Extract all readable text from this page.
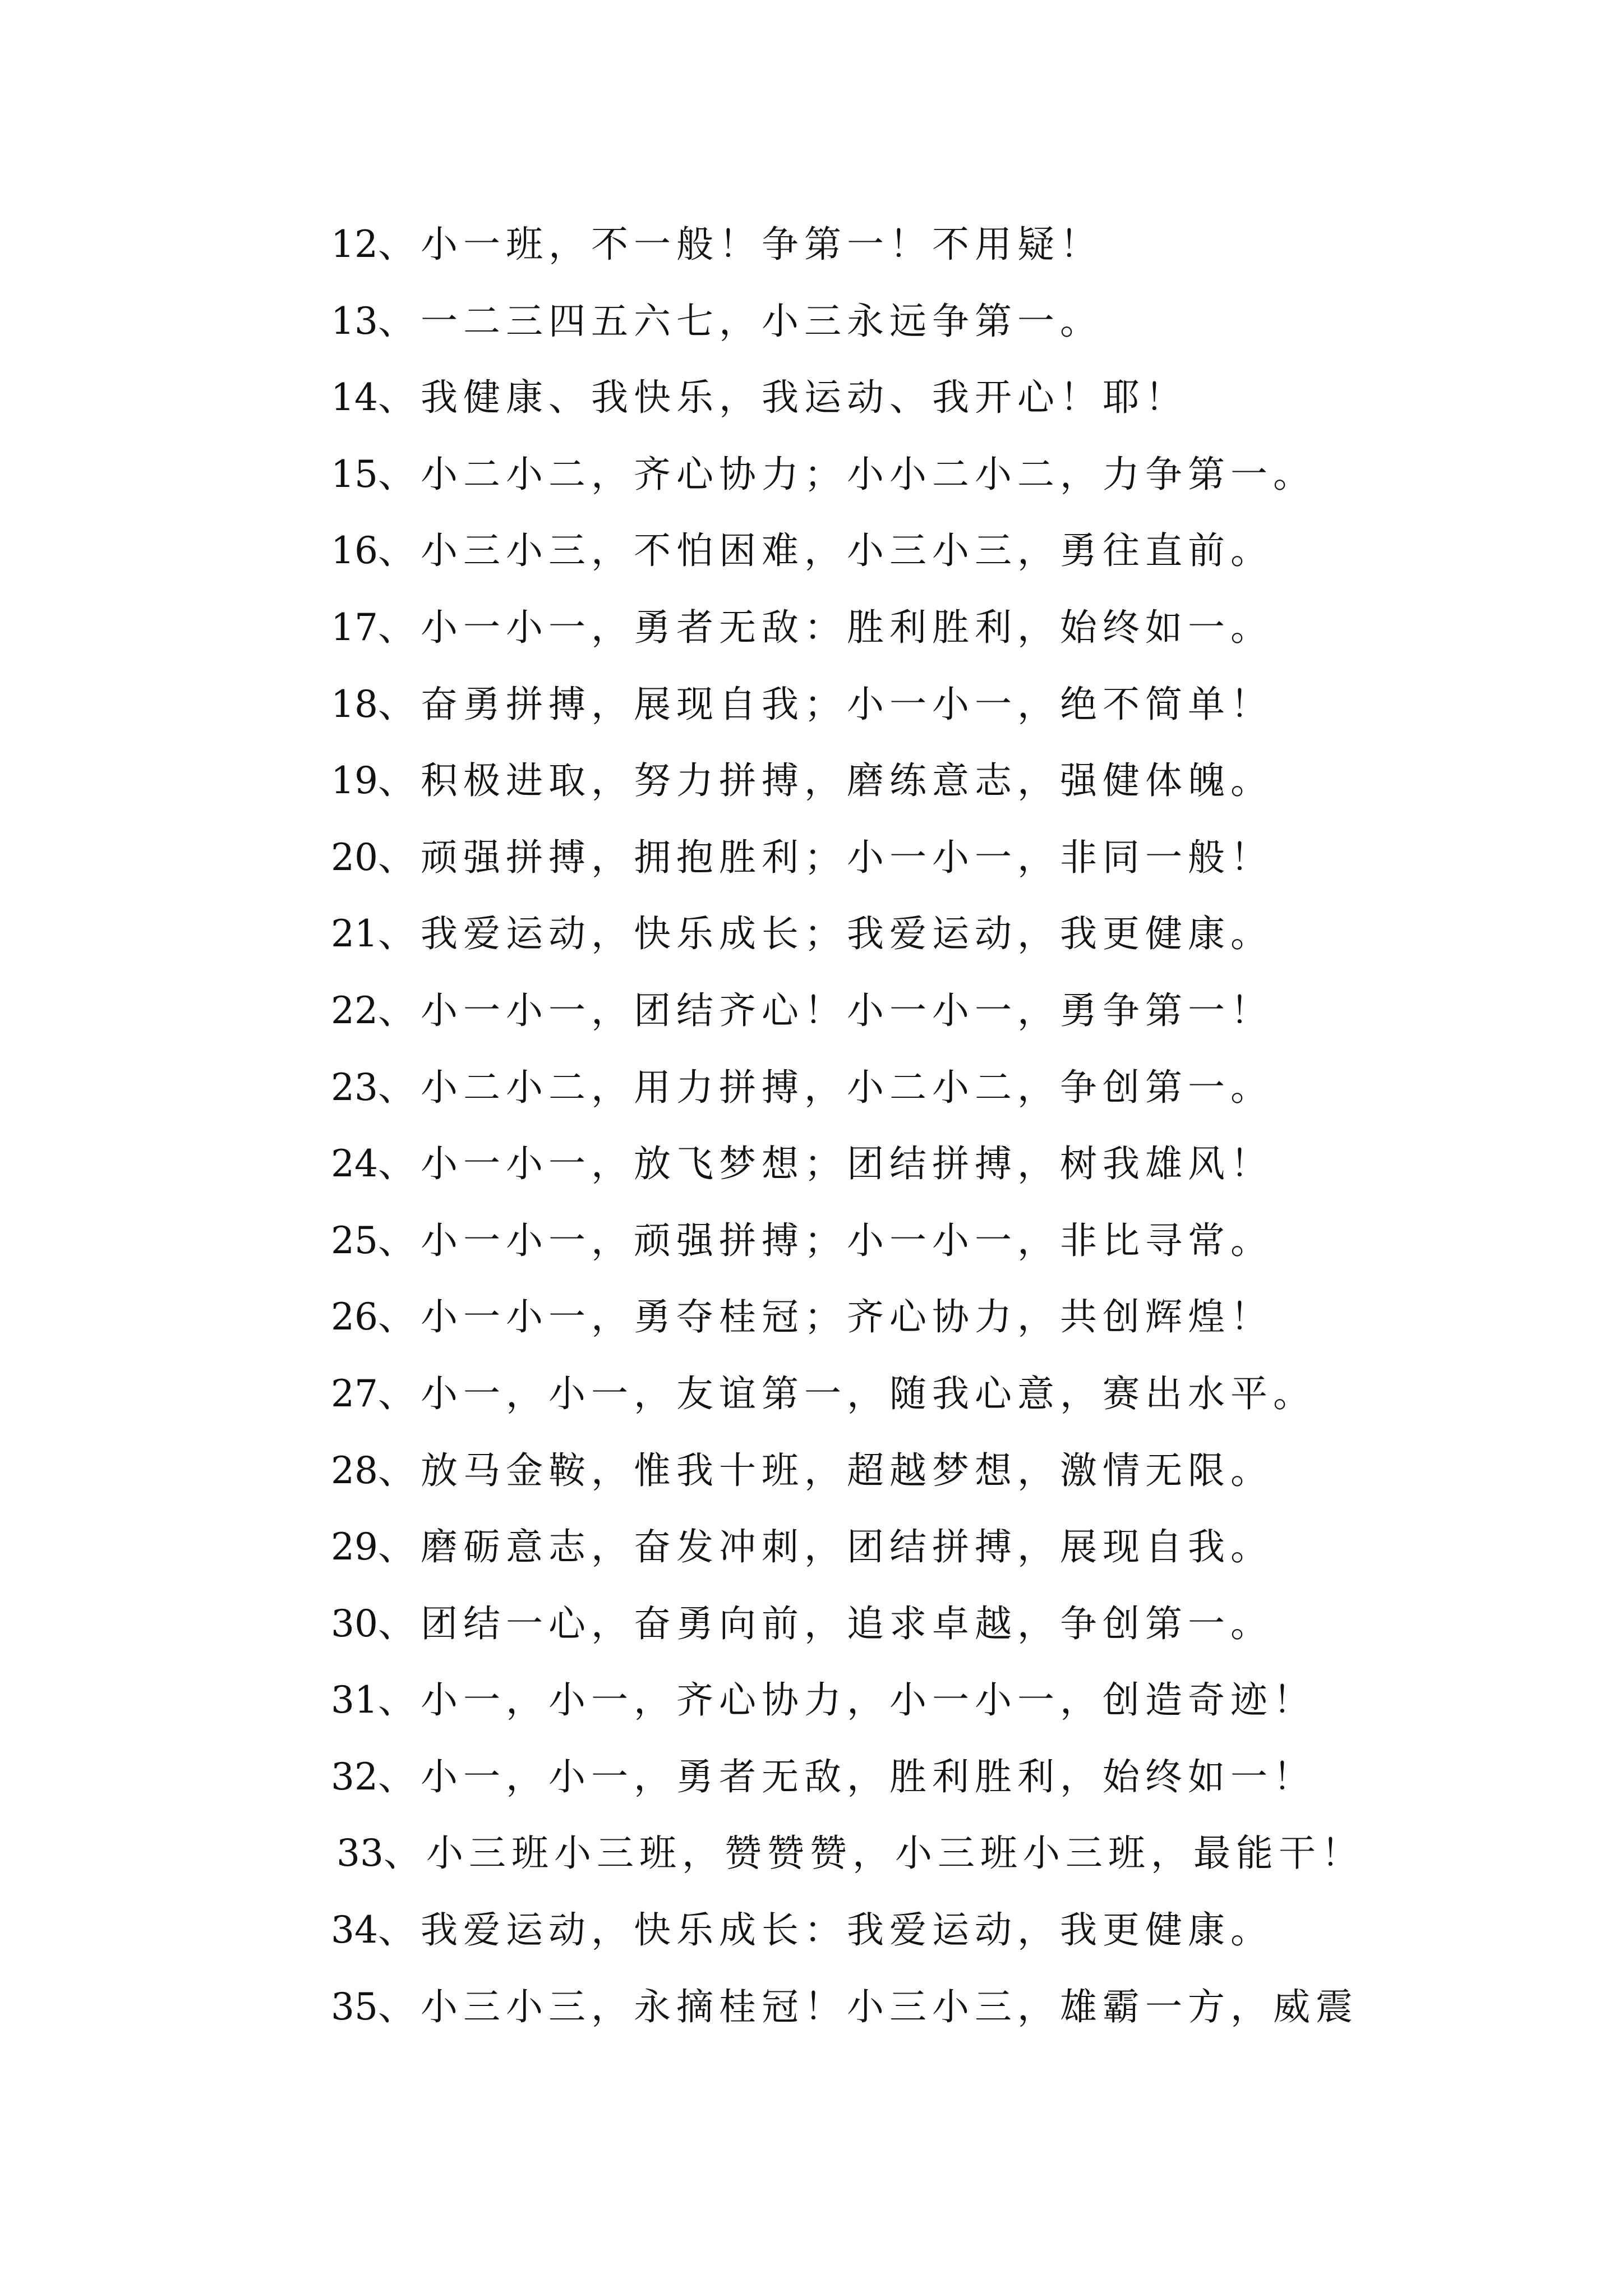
12、小一班，不一般！争第一！不用疑！
13、一二三四五六七，小三永远争第一。
14、我健康、我快乐，我运动、我开心！耶！
15、小二小二，齐心协力；小小二小二，力争第一。
16、小三小三，不怕困难，小三小三，勇往直前。
17、小一小一，勇者无敌：胜利胜利，始终如一。
18、奋勇拼搏，展现自我；小一小一，绝不简单！
19、积极进取，努力拼搏，磨练意志，强健体魄。
20、顽强拼搏，拥抱胜利；小一小一，非同一般！
21、我爱运动，快乐成长；我爱运动，我更健康。
22、小一小一，团结齐心！小一小一，勇争第一！
23、小二小二，用力拼搏，小二小二，争创第一。
24、小一小一，放飞梦想；团结拼搏，树我雄风！
25、小一小一，顽强拼搏；小一小一，非比寻常。
26、小一小一，勇夺桂冠；齐心协力，共创辉煌！
27、小一，小一，友谊第一，随我心意，赛出水平。
28、放马金鞍，惟我十班，超越梦想，激情无限。
29、磨砺意志，奋发冲刺，团结拼搏，展现自我。
30、团结一心，奋勇向前，追求卓越，争创第一。
31、小一，小一，齐心协力，小一小一，创造奇迹！
32、小一，小一，勇者无敌，胜利胜利，始终如一！
33、小三班小三班，赞赞赞，小三班小三班，最能干！
34、我爱运动，快乐成长：我爱运动，我更健康。
35、小三小三，永摘桂冠！小三小三，雄霸一方，威震
